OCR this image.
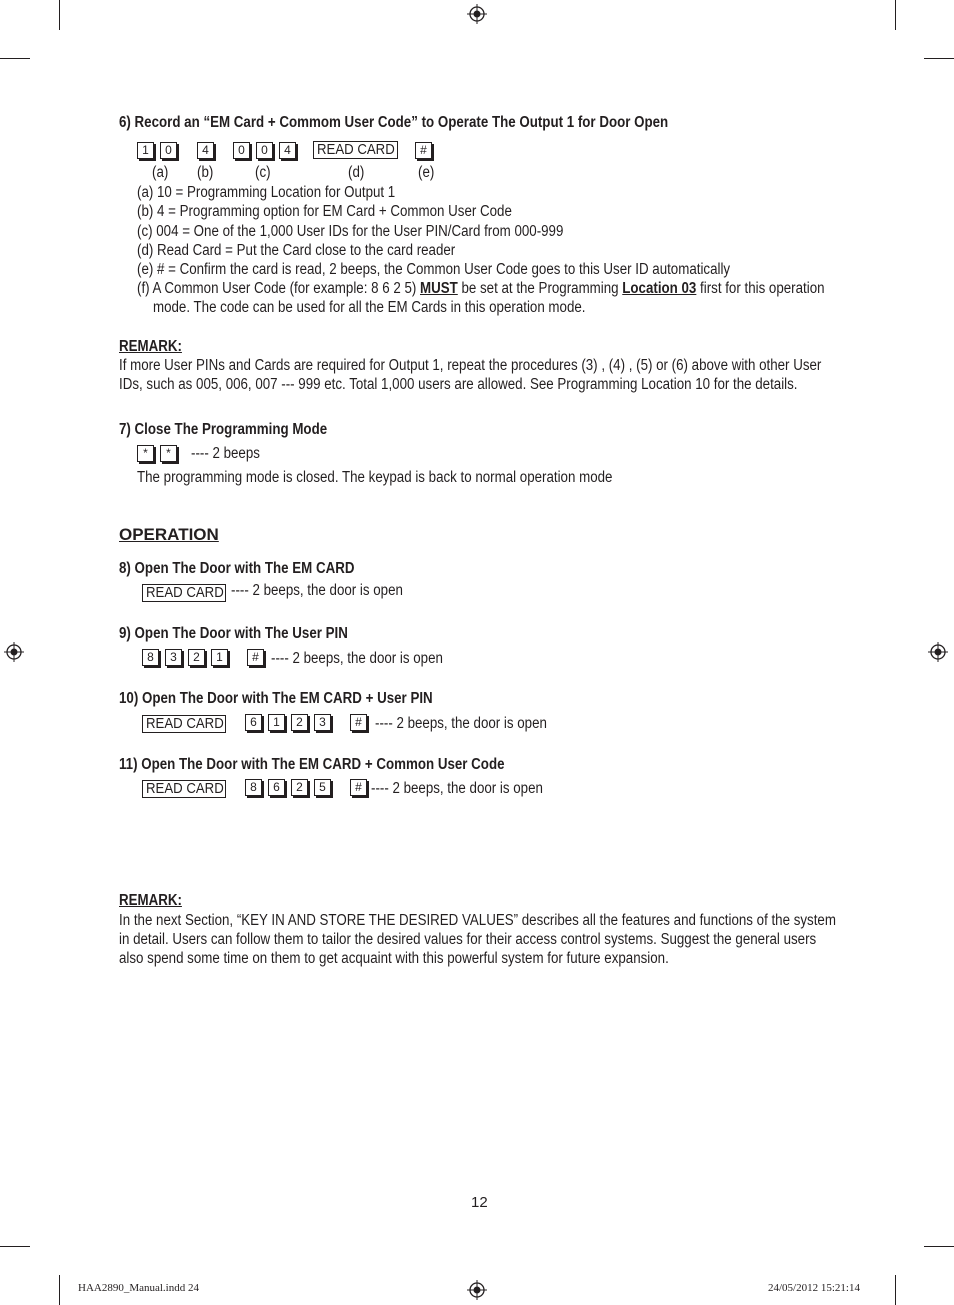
6) Record an “EM Card + Commom User Code” to Operate The Output 1 for Door Open
1	0	4	0	0	4	READ CARD	#
(a) (b)	(c)	(d)	(e)
(a) 10 = Programming Location for Output 1
(b) 4 = Programming option for EM Card + Common User Code
(c) 004 = One of the 1,000 User IDs for the User PIN/Card from 000-999
(d) Read Card = Put the Card close to the card reader
(e) # = Confirm the card is read, 2 beeps, the Common User Code goes to this User ID automatically
(f) A Common User Code (for example: 8 6 2 5) MUST be set at the Programming Location 03 first for this operation
mode. The code can be used for all the EM Cards in this operation mode.
REMARK:
If more User PINs and Cards are required for Output 1, repeat the procedures (3) , (4) , (5) or (6) above with other User
IDs, such as 005, 006, 007 --- 999 etc. Total 1,000 users are allowed. See Programming Location 10 for the details.
7) Close The Programming Mode
*	*	---- 2 beeps
The programming mode is closed. The keypad is back to normal operation mode
OPERATION
8) Open The Door with The EM CARD
READ CARD ---- 2 beeps, the door is open
9) Open The Door with The User PIN
8	3	2	1	# ---- 2 beeps, the door is open
10) Open The Door with The EM CARD + User PIN
READ CARD	6	1	2	3	# ---- 2 beeps, the door is open
11) Open The Door with The EM CARD + Common User Code
READ CARD	8	6	2	5	# ---- 2 beeps, the door is open
REMARK:
In the next Section, “KEY IN AND STORE THE DESIRED VALUES” describes all the features and functions of the system
in detail. Users can follow them to tailor the desired values for their access control systems. Suggest the general users
also spend some time on them to get acquaint with this powerful system for future expansion.
12
HAA2890_Manual.indd 24	24/05/2012 15:21:14
